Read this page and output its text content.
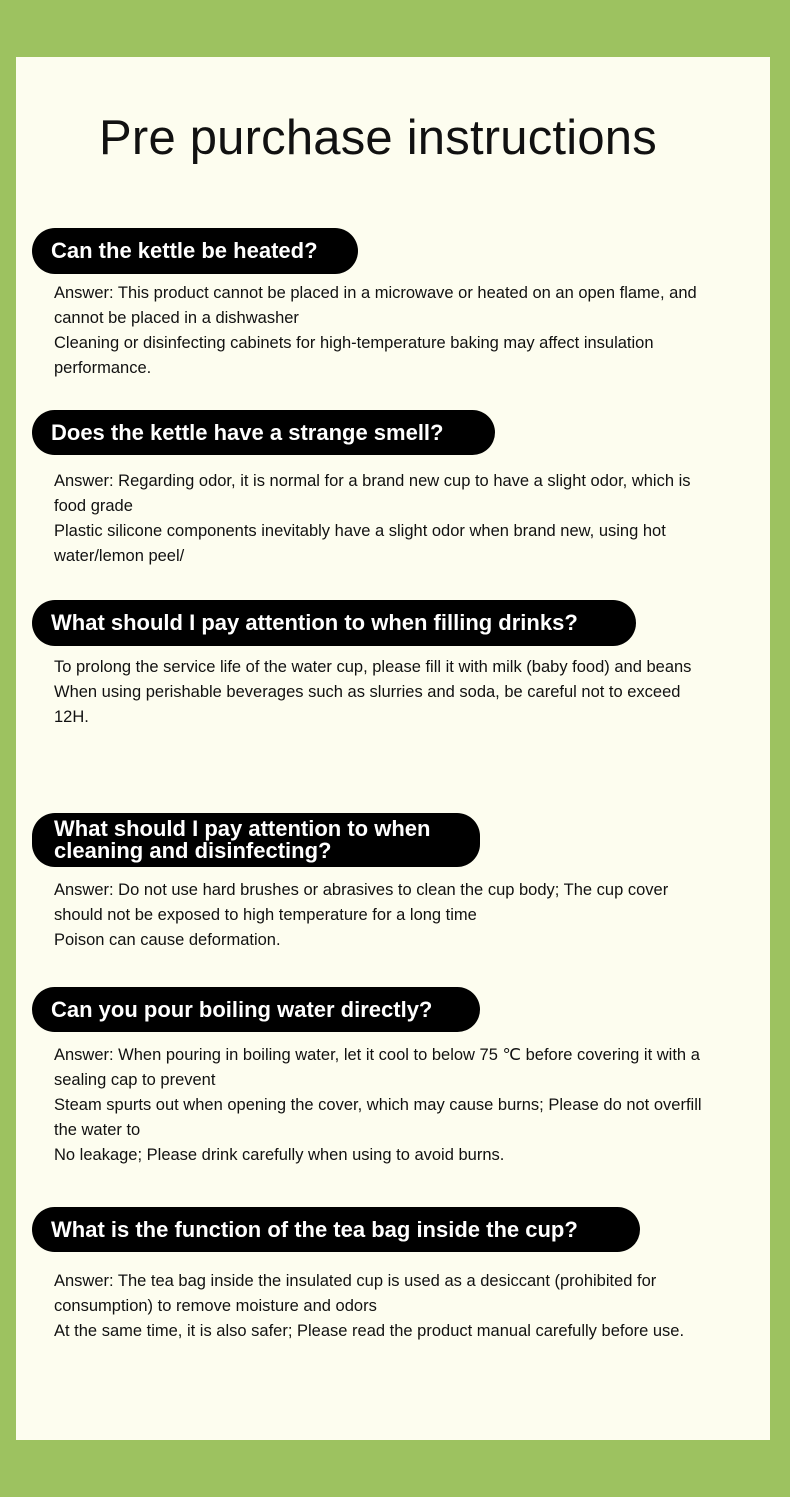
Pre purchase instructions
Can the kettle be heated?

Answer: This product cannot be placed in a microwave or heated on an open flame, and cannot be placed in a dishwasher

Cleaning or disinfecting cabinets for high-temperature baking may affect insulation performance.

Does the kettle have a strange smell?

Answer: Regarding odor, it is normal for a brand new cup to have a slight odor, which is food grade

Plastic silicone components inevitably have a slight odor when brand new, using hot water/lemon peel/

What should I pay attention to when filling drinks?

To prolong the service life of the water cup, please fill it with milk (baby food) and beans

When using perishable beverages such as slurries and soda, be careful not to exceed 12H.

What should I pay attention to when cleaning and disinfecting?

Answer: Do not use hard brushes or abrasives to clean the cup body; The cup cover should not be exposed to high temperature for a long time

Poison can cause deformation.

Can you pour boiling water directly?

Answer: When pouring in boiling water, let it cool to below 75 ℃ before covering it with a sealing cap to prevent

Steam spurts out when opening the cover, which may cause burns; Please do not overfill the water to

No leakage; Please drink carefully when using to avoid burns.

What is the function of the tea bag inside the cup?

Answer: The tea bag inside the insulated cup is used as a desiccant (prohibited for consumption) to remove moisture and odors

At the same time, it is also safer; Please read the product manual carefully before use.
